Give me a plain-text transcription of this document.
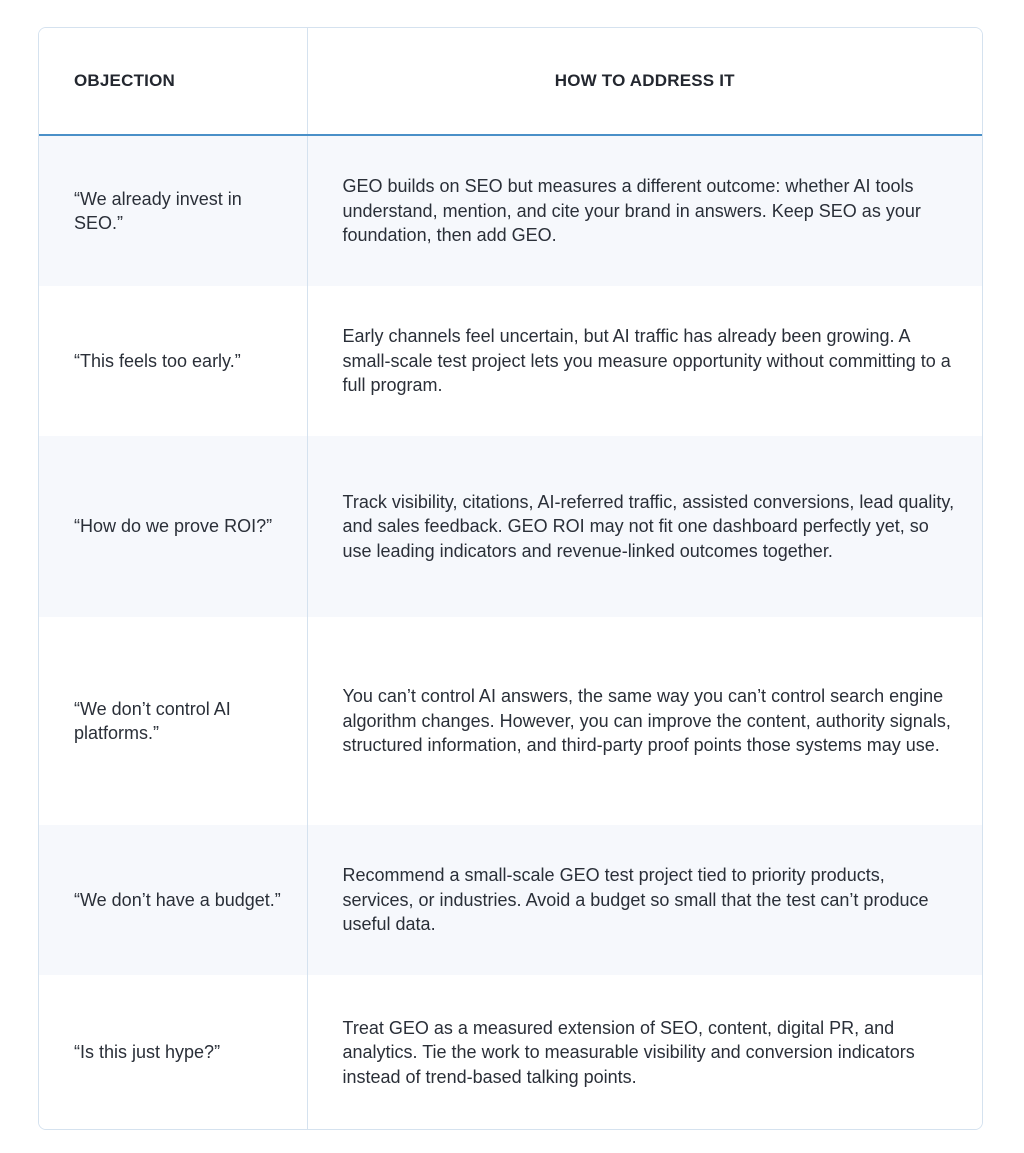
OBJECTION	HOW TO ADDRESS IT
“We already invest in SEO.”	GEO builds on SEO but measures a different outcome: whether AI tools understand, mention, and cite your brand in answers. Keep SEO as your foundation, then add GEO.
“This feels too early.”	Early channels feel uncertain, but AI traffic has already been growing. A small-scale test project lets you measure opportunity without committing to a full program.
“How do we prove ROI?”	Track visibility, citations, AI-referred traffic, assisted conversions, lead quality, and sales feedback. GEO ROI may not fit one dashboard perfectly yet, so use leading indicators and revenue-linked outcomes together.
“We don’t control AI platforms.”	You can’t control AI answers, the same way you can’t control search engine algorithm changes. However, you can improve the content, authority signals, structured information, and third-party proof points those systems may use.
“We don’t have a budget.”	Recommend a small-scale GEO test project tied to priority products, services, or industries. Avoid a budget so small that the test can’t produce useful data.
“Is this just hype?”	Treat GEO as a measured extension of SEO, content, digital PR, and analytics. Tie the work to measurable visibility and conversion indicators instead of trend-based talking points.
